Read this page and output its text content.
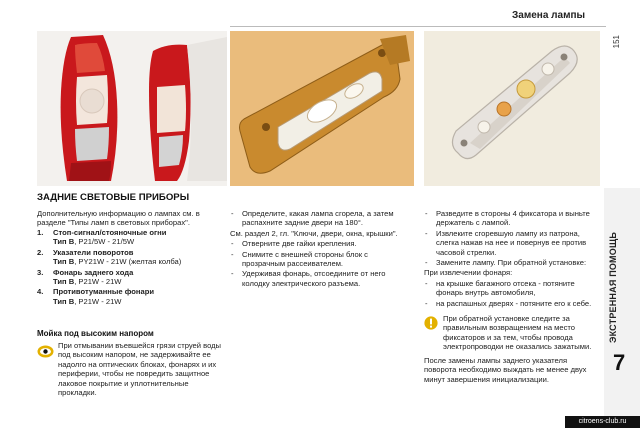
Замена лампы
151
ЭКСТРЕННАЯ ПОМОЩЬ
7
ЗАДНИЕ СВЕТОВЫЕ ПРИБОРЫ
Дополнительную информацию о лампах см. в разделе "Типы ламп в световых приборах".
1. Стоп-сигнал/стояночные огни
Тип B, P21/5W - 21/5W
2. Указатели поворотов
Тип B, PY21W - 21W (желтая колба)
3. Фонарь заднего хода
Тип B, P21W - 21W
4. Противотуманные фонари
Тип B, P21W - 21W
Мойка под высоким напором
При отмывании въевшейся грязи струей воды под высоким напором, не задерживайте ее надолго на оптических блоках, фонарях и их периферии, чтобы не повредить защитное лаковое покрытие и уплотнительные прокладки.
- Определите, какая лампа сгорела, а затем распахните задние двери на 180°.

См. раздел 2, гл. "Ключи, двери, окна, крышки".

- Отверните две гайки крепления.
- Снимите с внешней стороны блок с прозрачным рассеивателем.
- Удерживая фонарь, отсоедините от него колодку электрического разъема.
- Разведите в стороны 4 фиксатора и выньте держатель с лампой.
- Извлеките сгоревшую лампу из патрона, слегка нажав на нее и повернув ее против часовой стрелки.
- Замените лампу. При обратной установке:

При извлечении фонаря:

- на крышке багажного отсека - потяните фонарь внутрь автомобиля,
- на распашных дверях - потяните его к себе.
При обратной установке следите за правильным возвращением на место фиксаторов и за тем, чтобы провода электропроводки не оказались зажатыми.

После замены лампы заднего указателя поворота необходимо выждать не менее двух минут завершения инициализации.

citroens-club.ru
